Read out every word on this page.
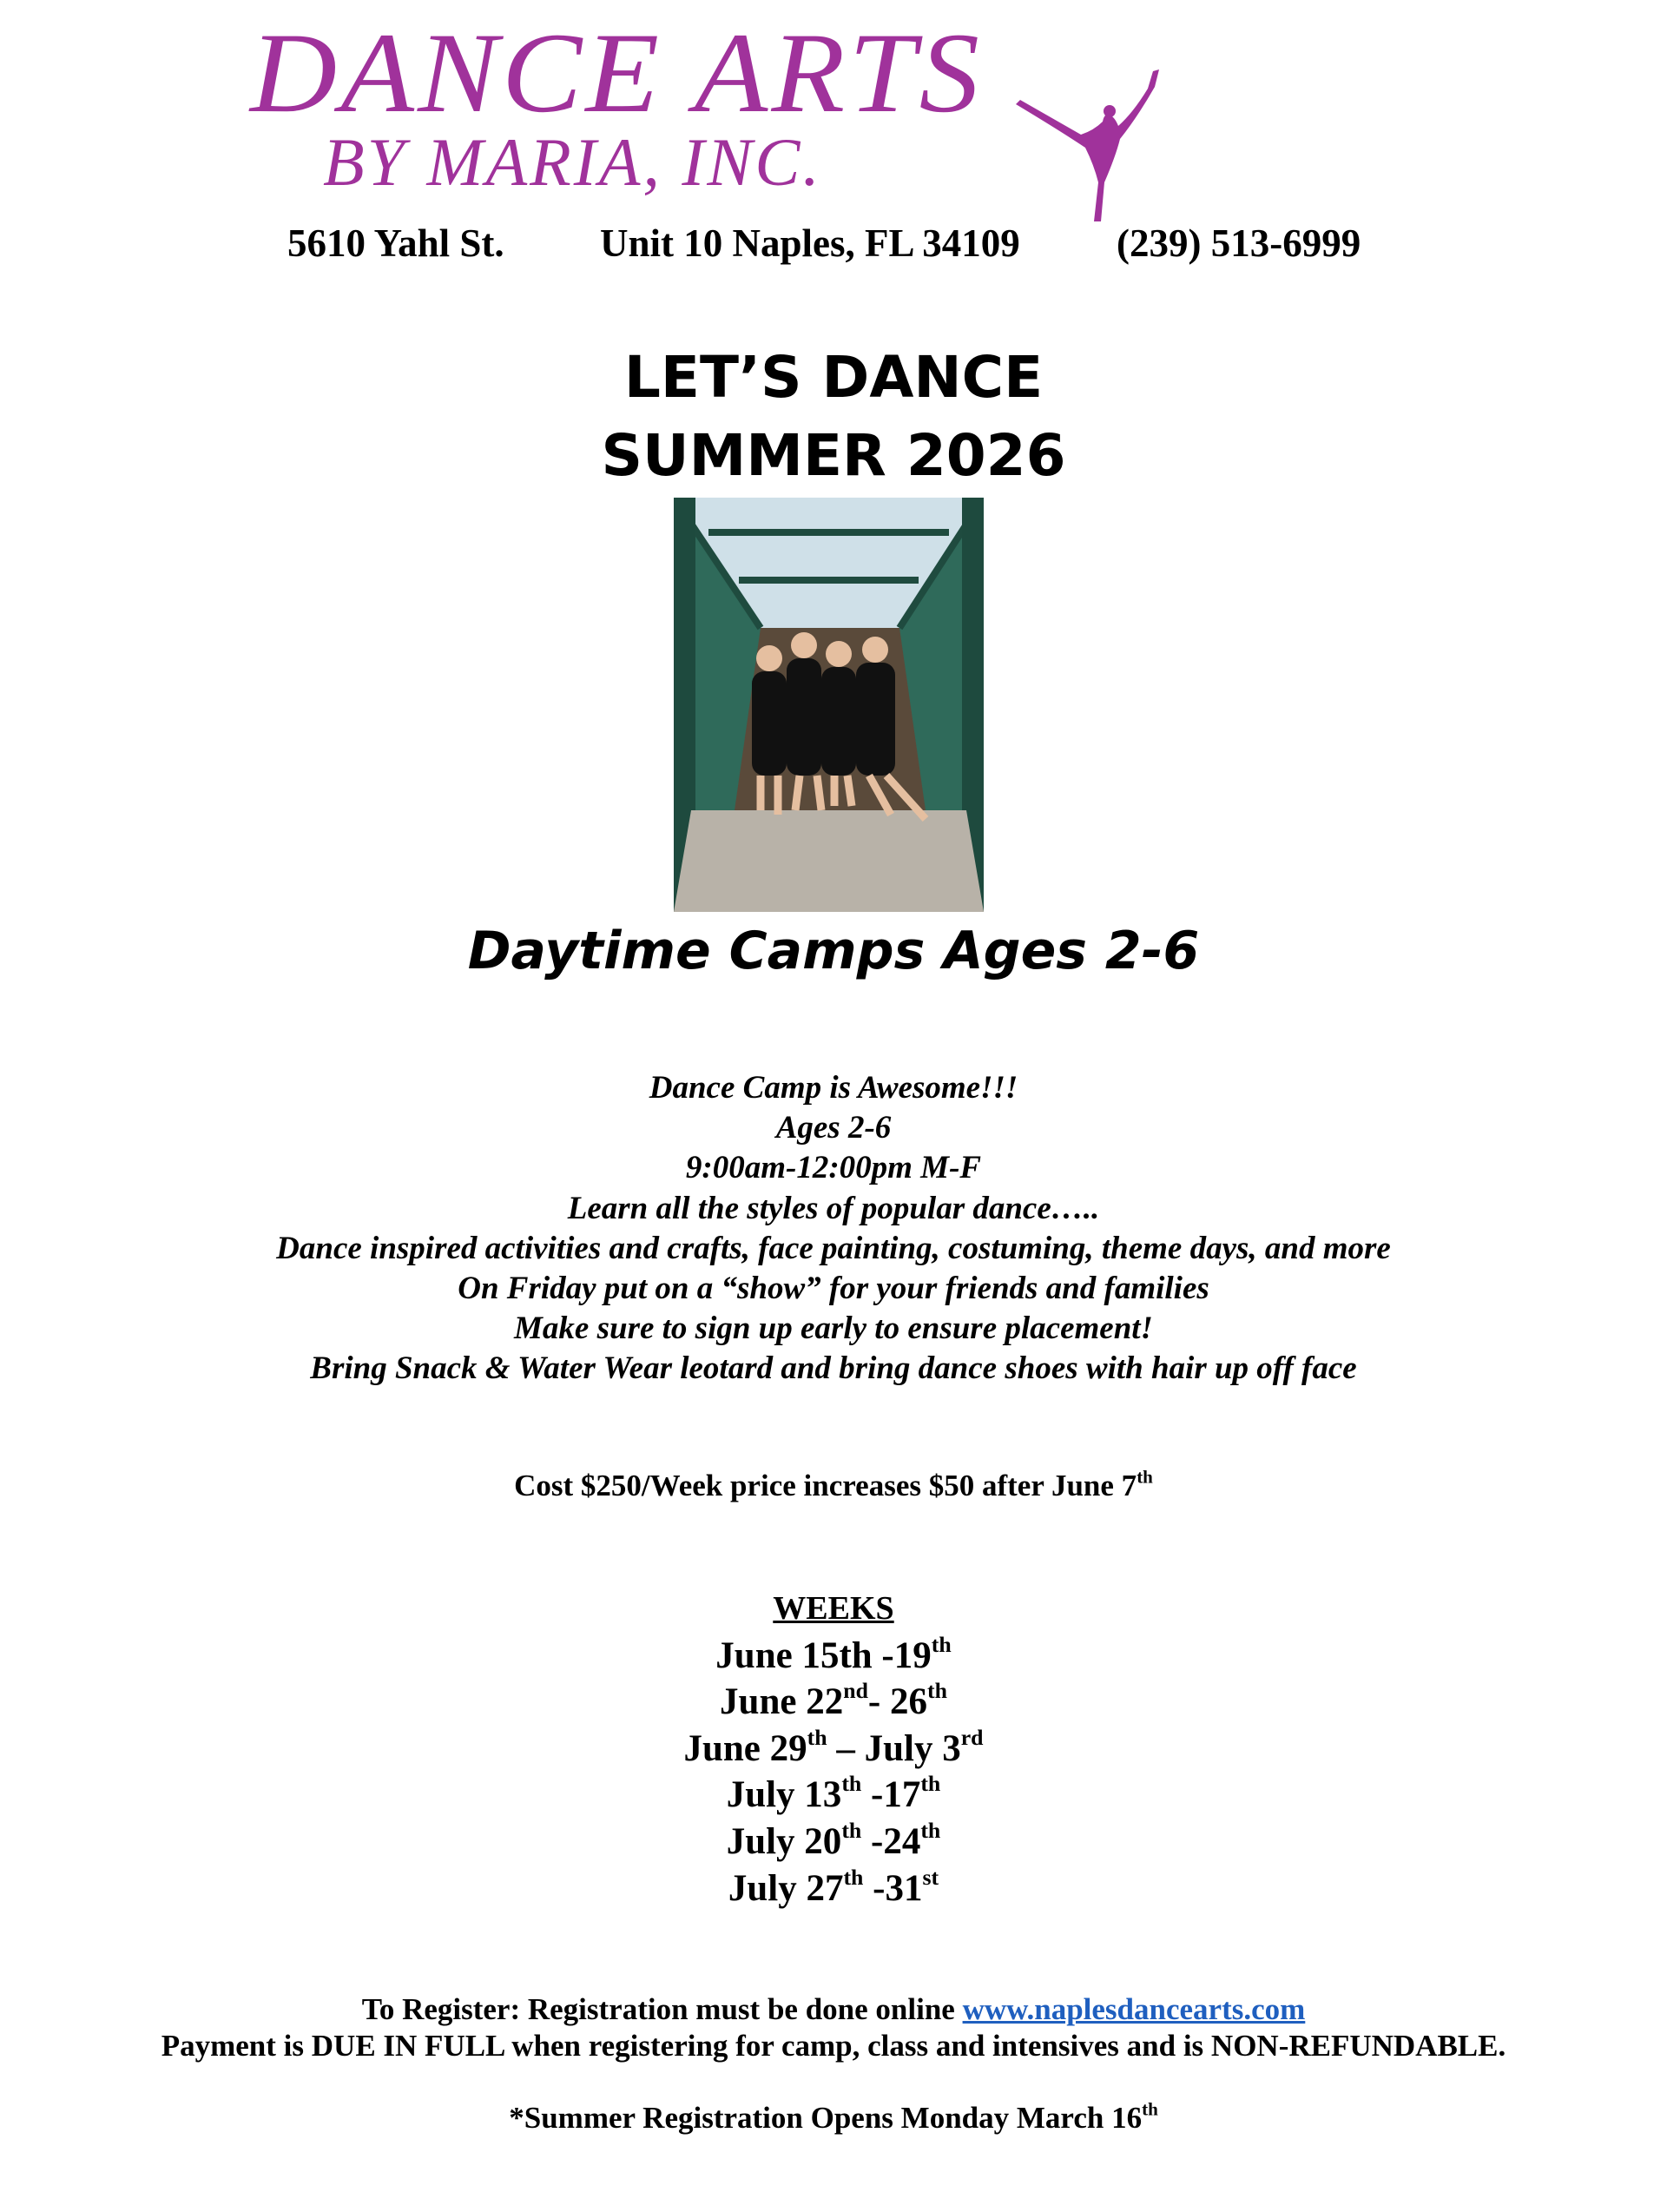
DANCE ARTS
BY MARIA, INC.
5610 Yahl St. Unit 10 Naples, FL 34109 (239) 513-6999
LET’S DANCE
SUMMER 2026
Daytime Camps Ages 2-6
Dance Camp is Awesome!!!
Ages 2-6
9:00am-12:00pm M-F
Learn all the styles of popular dance…..
Dance inspired activities and crafts, face painting, costuming, theme days, and more
On Friday put on a “show” for your friends and families
Make sure to sign up early to ensure placement!
Bring Snack & Water Wear leotard and bring dance shoes with hair up off face
Cost $250/Week price increases $50 after June 7th
WEEKS
June 15th -19th
June 22nd- 26th
June 29th – July 3rd
July 13th -17th
July 20th -24th
July 27th -31st
To Register: Registration must be done online www.naplesdancearts.com
Payment is DUE IN FULL when registering for camp, class and intensives and is NON-REFUNDABLE.
*Summer Registration Opens Monday March 16th
